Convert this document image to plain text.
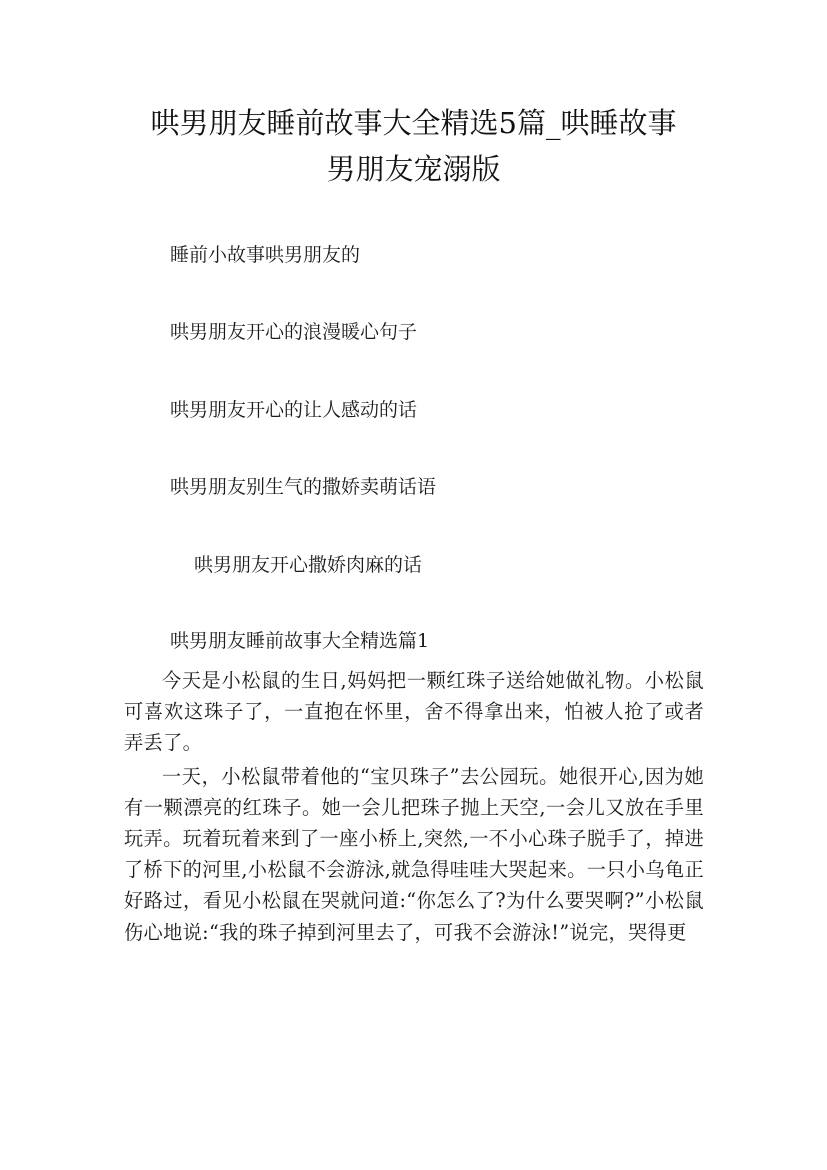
哄男朋友睡前故事大全精选5篇_哄睡故事
男朋友宠溺版
睡前小故事哄男朋友的
哄男朋友开心的浪漫暖心句子
哄男朋友开心的让人感动的话
哄男朋友别生气的撒娇卖萌话语
哄男朋友开心撒娇肉麻的话
哄男朋友睡前故事大全精选篇1

今天是小松鼠的生日,妈妈把一颗红珠子送给她做礼物。小松鼠可喜欢这珠子了，一直抱在怀里，舍不得拿出来，怕被人抢了或者弄丢了。

一天，小松鼠带着他的“宝贝珠子”去公园玩。她很开心,因为她有一颗漂亮的红珠子。她一会儿把珠子抛上天空,一会儿又放在手里玩弄。玩着玩着来到了一座小桥上,突然,一不小心珠子脱手了，掉进了桥下的河里,小松鼠不会游泳,就急得哇哇大哭起来。一只小乌龟正好路过，看见小松鼠在哭就问道:“你怎么了?为什么要哭啊?”小松鼠伤心地说:“我的珠子掉到河里去了，可我不会游泳!”说完，哭得更
